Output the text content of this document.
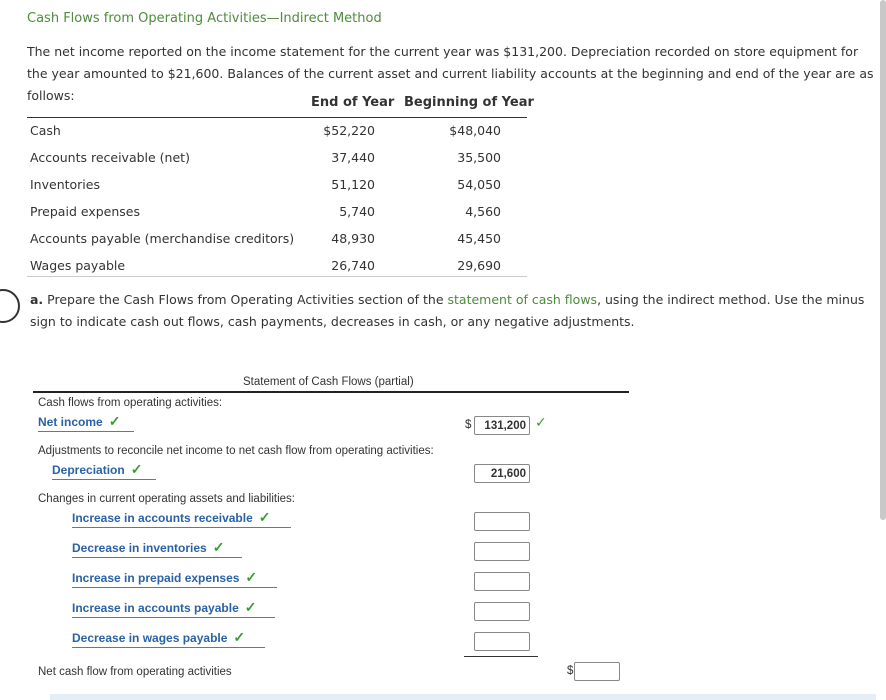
Cash Flows from Operating Activities—Indirect Method
The net income reported on the income statement for the current year was $131,200. Depreciation recorded on store equipment for the year amounted to $21,600. Balances of the current asset and current liability accounts at the beginning and end of the year are as follows:	End of Year Beginning of Year
Cash	$52,220	$48,040
Accounts receivable (net)	37,440	35,500
Inventories	51,120	54,050
Prepaid expenses	5,740	4,560
Accounts payable (merchandise creditors)	48,930	45,450
Wages payable	26,740	29,690
a. Prepare the Cash Flows from Operating Activities section of the statement of cash flows, using the indirect method. Use the minus sign to indicate cash out flows, cash payments, decreases in cash, or any negative adjustments.
Statement of Cash Flows (partial)
Cash flows from operating activities:
Net income ✓	$	131,200 ✓
Adjustments to reconcile net income to net cash flow from operating activities:
Depreciation ✓	21,600
Changes in current operating assets and liabilities:
Increase in accounts receivable ✓
Decrease in inventories ✓
Increase in prepaid expenses ✓
Increase in accounts payable ✓
Decrease in wages payable ✓
Net cash flow from operating activities	$
